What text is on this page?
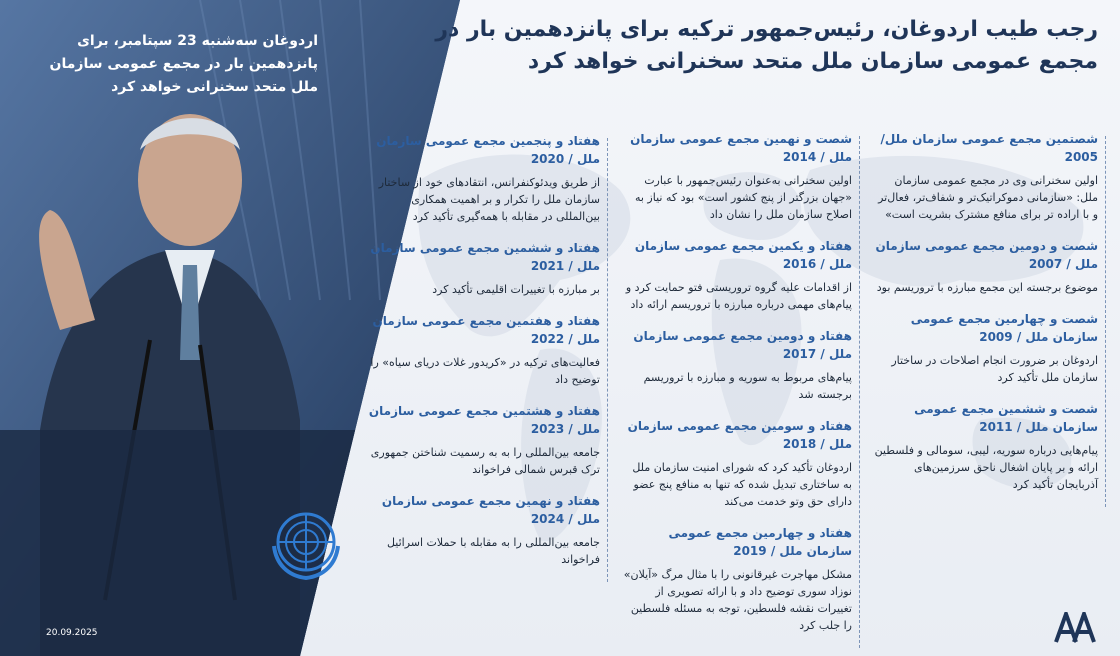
اردوغان سه‌شنبه 23 سپتامبر، برای پانزدهمین بار در مجمع عمومی سازمان ملل متحد سخنرانی خواهد کرد
رجب طیب اردوغان، رئیس‌جمهور ترکیه برای پانزدهمین بار در مجمع عمومی سازمان ملل متحد سخنرانی خواهد کرد
شصتمین مجمع عمومی سازمان ملل/ 2005
اولین سخنرانی وی در مجمع عمومی سازمان ملل: «سازمانی دموکراتیک‌تر و شفاف‌تر، فعال‌تر و با اراده تر برای منافع مشترک بشریت است»
شصت و دومین مجمع عمومی سازمان ملل / 2007
موضوع برجسته این مجمع مبارزه با تروریسم بود
شصت و چهارمین مجمع عمومی سازمان ملل / 2009
اردوغان بر ضرورت انجام اصلاحات در ساختار سازمان ملل تأکید کرد
شصت و ششمین مجمع عمومی سازمان ملل / 2011
پیام‌هایی درباره سوریه، لیبی، سومالی و فلسطین ارائه و بر پایان اشغال ناحق سرزمین‌های آذربایجان تأکید کرد
شصت و نهمین مجمع عمومی سازمان ملل / 2014
اولین سخنرانی به‌عنوان رئیس‌جمهور با عبارت «جهان بزرگتر از پنج کشور است» بود که نیاز به اصلاح سازمان ملل را نشان داد
هفتاد و یکمین مجمع عمومی سازمان ملل / 2016
از اقدامات علیه گروه تروریستی فتو حمایت کرد و پیام‌های مهمی درباره مبارزه با تروریسم ارائه داد
هفتاد و دومین مجمع عمومی سازمان ملل / 2017
پیام‌های مربوط به سوریه و مبارزه با تروریسم برجسته شد
هفتاد و سومین مجمع عمومی سازمان ملل / 2018
اردوغان تأکید کرد که شورای امنیت سازمان ملل به ساختاری تبدیل شده که تنها به منافع پنج عضو دارای حق وتو خدمت می‌کند
هفتاد و چهارمین مجمع عمومی سازمان ملل / 2019
مشکل مهاجرت غیرقانونی را با مثال مرگ «آیلان» نوزاد سوری توضیح داد و با ارائه تصویری از تغییرات نقشه فلسطین، توجه به مسئله فلسطین را جلب کرد
هفتاد و پنجمین مجمع عمومی سازمان ملل / 2020
از طریق ویدئوکنفرانس، انتقادهای خود از ساختار سازمان ملل را تکرار و بر اهمیت همکاری بین‌المللی در مقابله با همه‌گیری تأکید کرد
هفتاد و ششمین مجمع عمومی سازمان ملل / 2021
بر مبارزه با تغییرات اقلیمی تأکید کرد
هفتاد و هفتمین مجمع عمومی سازمان ملل / 2022
فعالیت‌های ترکیه در «کریدور غلات دریای سیاه» را توضیح داد
هفتاد و هشتمین مجمع عمومی سازمان ملل / 2023
جامعه بین‌المللی را به به رسمیت شناختن جمهوری ترک قبرس شمالی فراخواند
هفتاد و نهمین مجمع عمومی سازمان ملل / 2024
جامعه بین‌المللی را به مقابله با حملات اسرائیل فراخواند
20.09.2025
